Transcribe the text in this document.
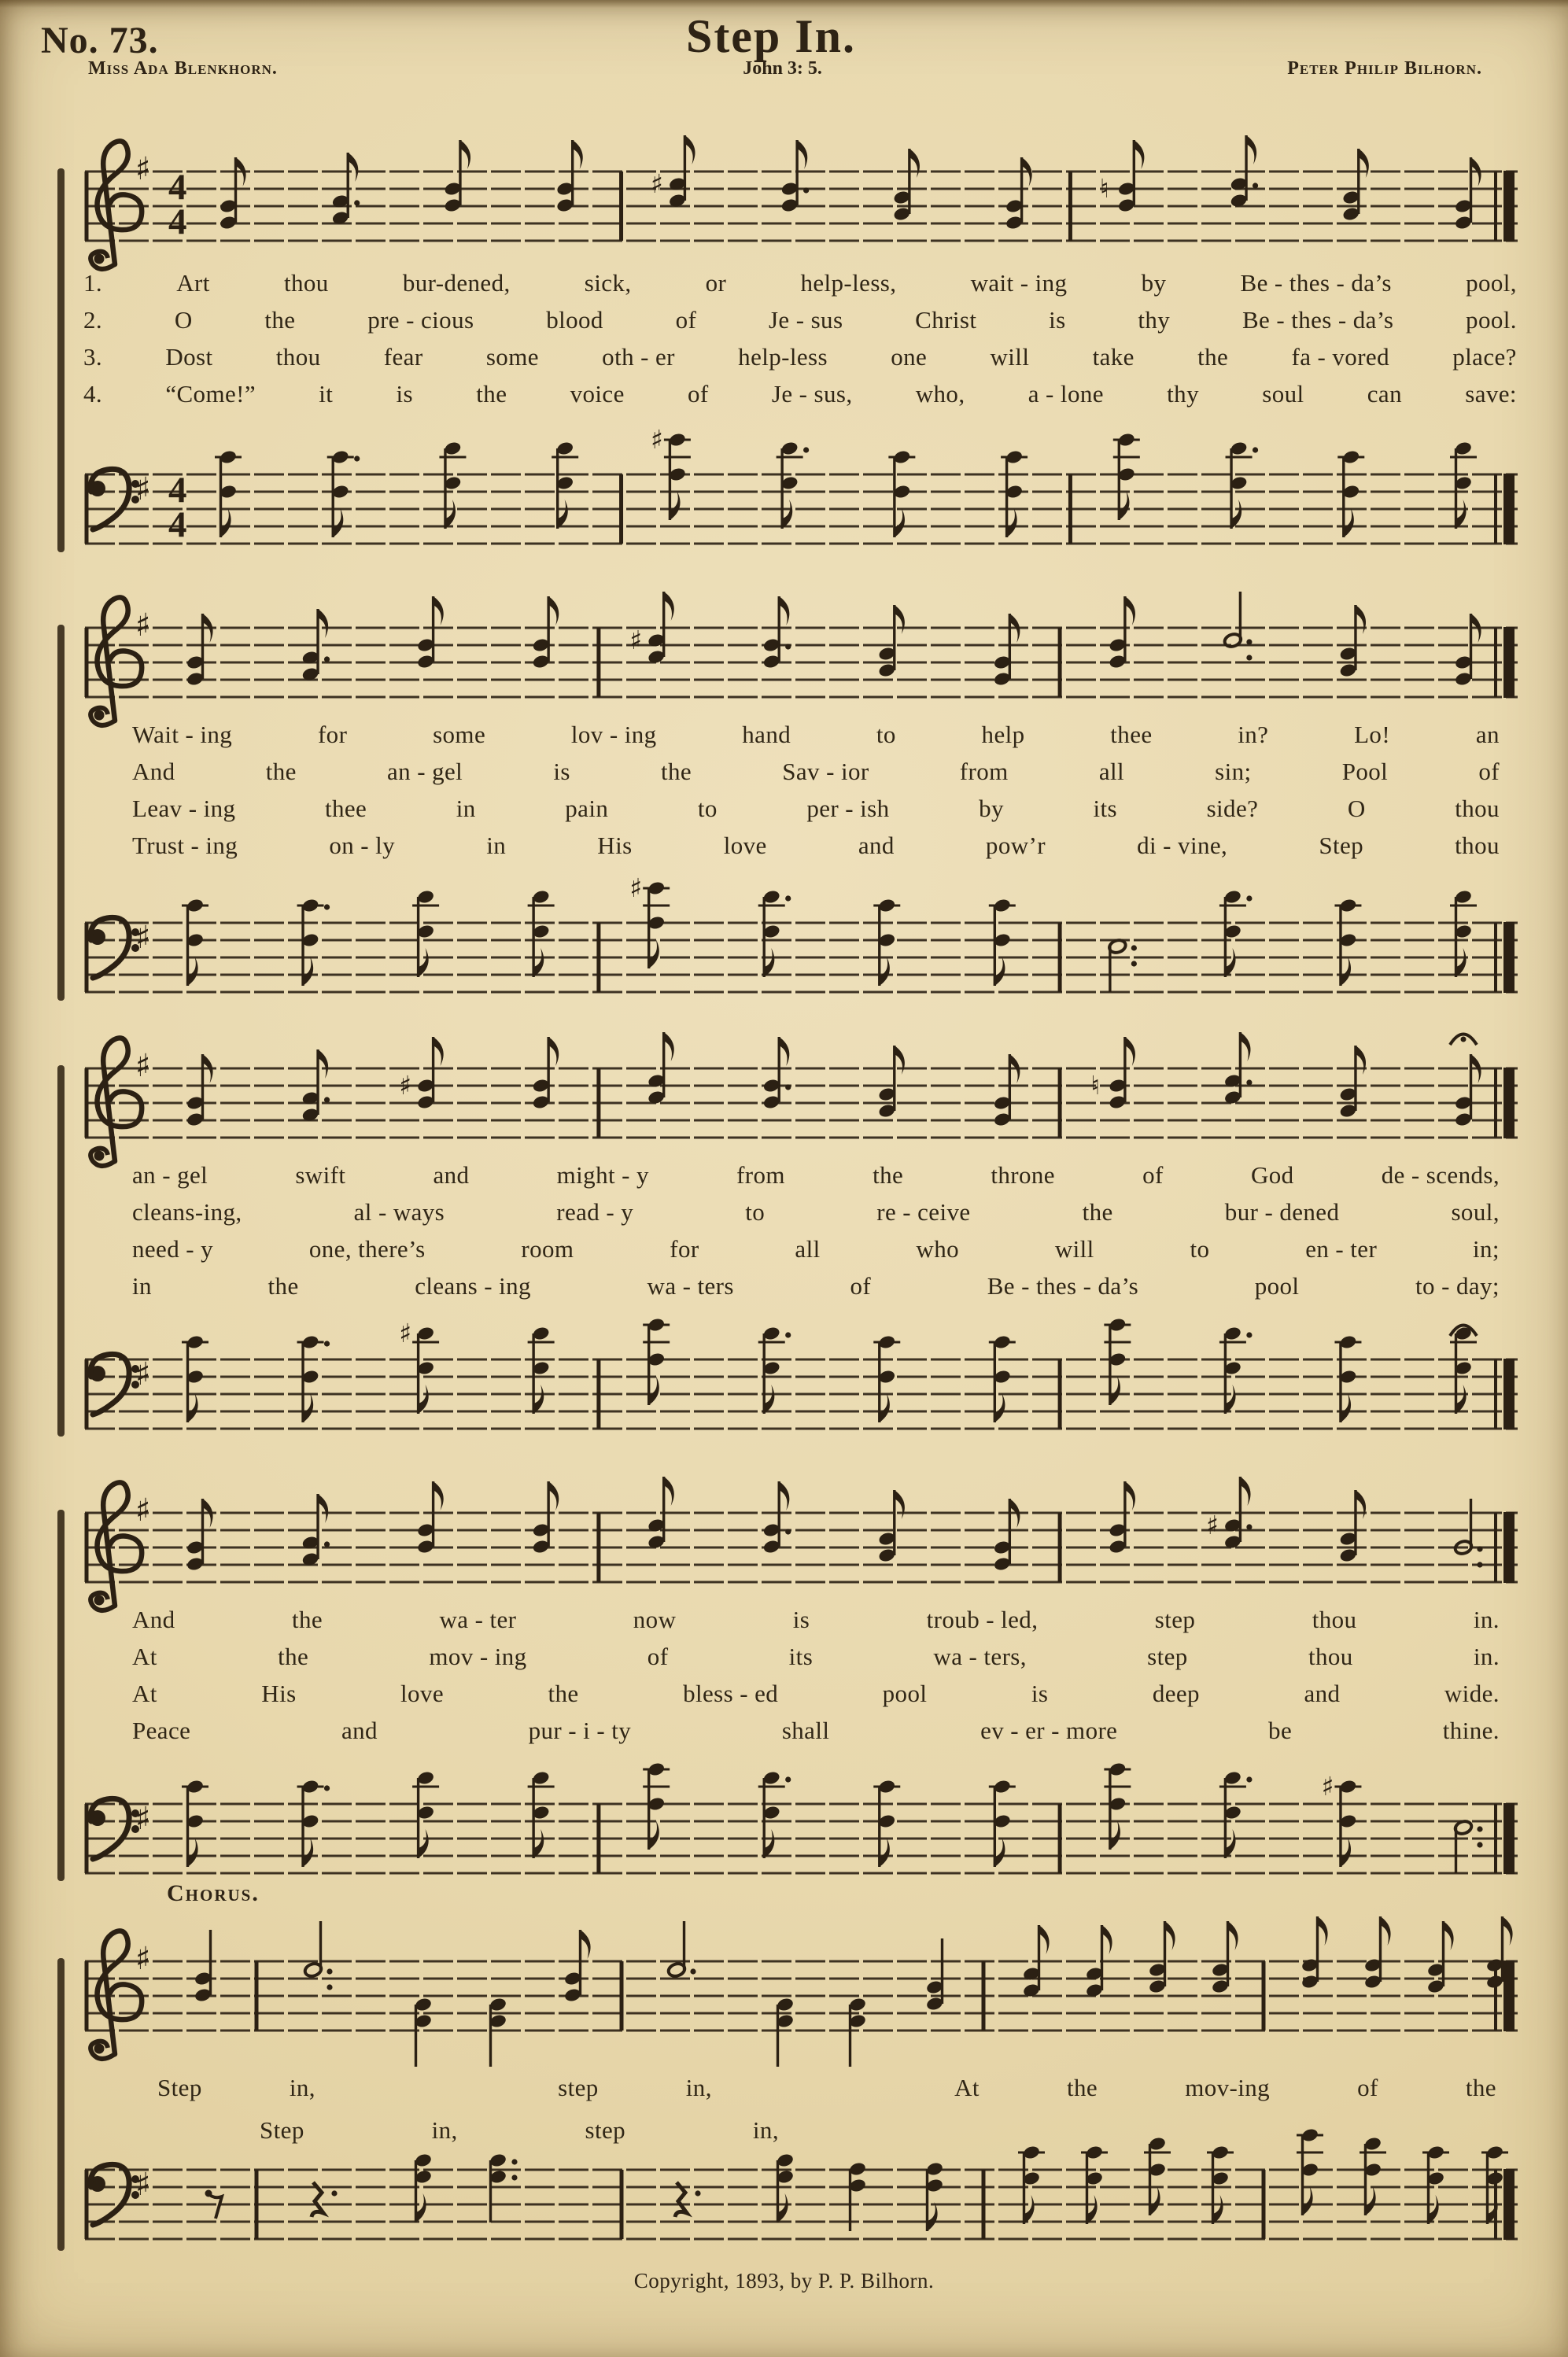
No. 73.	Step In.
Miss Ada Blenkhorn.	John 3: 5.	Peter Philip Bilhorn.
♯ 4
4
♯	♮
1.	Art	thou	bur-dened,	sick,	or	help-less,	wait - ing	by	Be - thes - da’s	pool,
2.	O	the	pre - cious	blood	of	Je - sus	Christ	is	thy	Be - thes - da’s	pool.
3.	Dost	thou	fear	some	oth - er	help-less	one	will	take	the	fa - vored	place?
4.	“Come!”	it	is	the	voice	of	Je - sus,	who,	a - lone	thy	soul	can	save:
♯ 4
4
♯
♯	♯
Wait - ing	for	some	lov - ing	hand	to	help	thee	in?	Lo!	an
And	the	an - gel	is	the	Sav - ior	from	all	sin;	Pool	of
Leav - ing	thee	in	pain	to	per - ish	by	its	side?	O	thou
Trust - ing	on - ly	in	His	love	and	pow’r	di - vine,	Step	thou
♯
♯
♯
♯	♮
an - gel	swift	and	might - y	from	the	throne	of	God	de - scends,
cleans-ing,	al - ways	read - y	to	re - ceive	the	bur - dened	soul,
need - y	one, there’s	room	for	all	who	will	to	en - ter	in;
in	the	cleans - ing	wa - ters	of	Be - thes - da’s	pool	to - day;
♯
♯
♯	♯
And	the	wa - ter	now	is	troub - led,	step	thou	in.
At	the	mov - ing	of	its	wa - ters,	step	thou	in.
At	His	love	the	bless - ed	pool	is	deep	and	wide.
Peace	and	pur - i - ty	shall	ev - er - more	be	thine.
♯
♯
Chorus.
♯
Step	in,	step	in,	At	the	mov-ing	of	the
Step	in,	step	in,
♯
Copyright, 1893, by P. P. Bilhorn.
